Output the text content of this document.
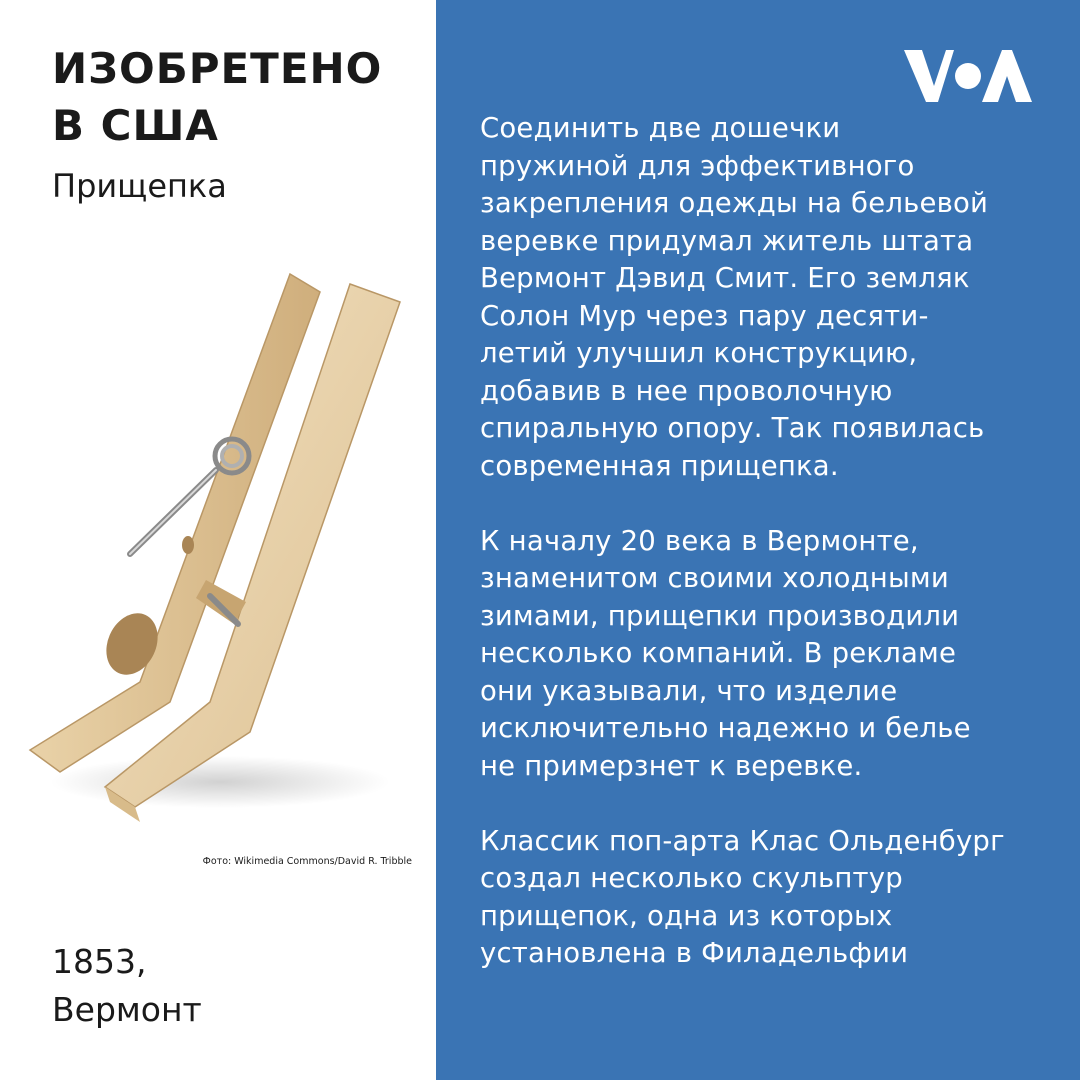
ИЗОБРЕТЕНО
В США
Прищепка
Фото: Wikimedia Commons/David R. Tribble
1853,
Вермонт

Соединить две дошечки
пружиной для эффективного
закрепления одежды на бельевой
веревке придумал житель штата
Вермонт Дэвид Смит. Его земляк
Солон Мур через пару десяти-
летий улучшил конструкцию,
добавив в нее проволочную
спиральную опору. Так появилась
современная прищепка.

К началу 20 века в Вермонте,
знаменитом своими холодными
зимами, прищепки производили
несколько компаний. В рекламе
они указывали, что изделие
исключительно надежно и белье
не примерзнет к веревке.

Классик поп-арта Клас Ольденбург
создал несколько скульптур
прищепок, одна из которых
установлена в Филадельфии
